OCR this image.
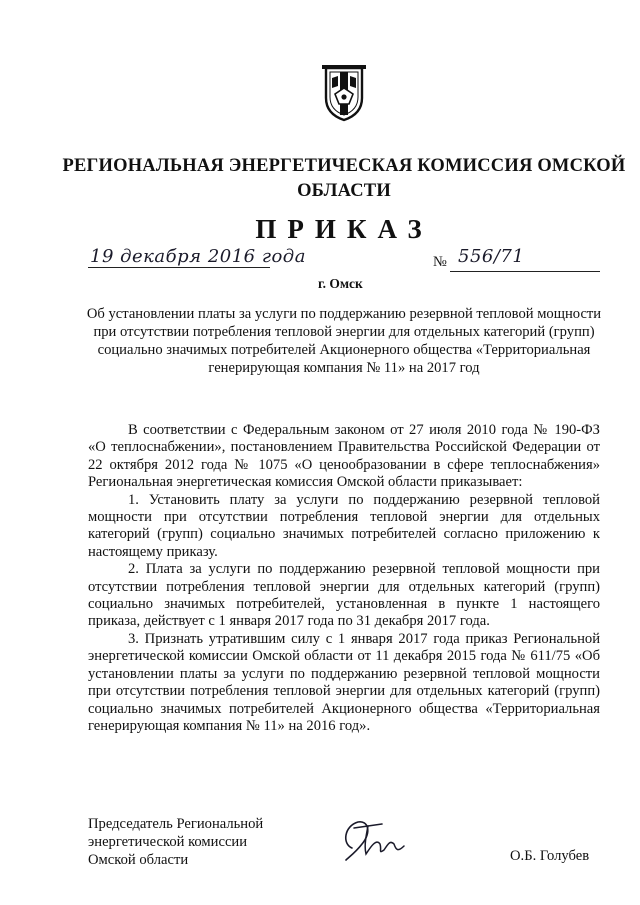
РЕГИОНАЛЬНАЯ ЭНЕРГЕТИЧЕСКАЯ КОМИССИЯ ОМСКОЙ ОБЛАСТИ
ПРИКАЗ
19 декабря 2016 года	№ 556/71
г. Омск
Об установлении платы за услуги по поддержанию резервной тепловой мощности при отсутствии потребления тепловой энергии для отдельных категорий (групп) социально значимых потребителей Акционерного общества «Территориальная генерирующая компания № 11» на 2017 год

В соответствии с Федеральным законом от 27 июля 2010 года № 190-ФЗ «О теплоснабжении», постановлением Правительства Российской Федерации от 22 октября 2012 года № 1075 «О ценообразовании в сфере теплоснабжения» Региональная энергетическая комиссия Омской области приказывает:

1. Установить плату за услуги по поддержанию резервной тепловой мощности при отсутствии потребления тепловой энергии для отдельных категорий (групп) социально значимых потребителей согласно приложению к настоящему приказу.

2. Плата за услуги по поддержанию резервной тепловой мощности при отсутствии потребления тепловой энергии для отдельных категорий (групп) социально значимых потребителей, установленная в пункте 1 настоящего приказа, действует с 1 января 2017 года по 31 декабря 2017 года.

3. Признать утратившим силу с 1 января 2017 года приказ Региональной энергетической комиссии Омской области от 11 декабря 2015 года № 611/75 «Об установлении платы за услуги по поддержанию резервной тепловой мощности при отсутствии потребления тепловой энергии для отдельных категорий (групп) социально значимых потребителей Акционерного общества «Территориальная генерирующая компания № 11» на 2016 год».

Председатель Региональной
энергетической комиссии
Омской области	О.Б. Голубев
